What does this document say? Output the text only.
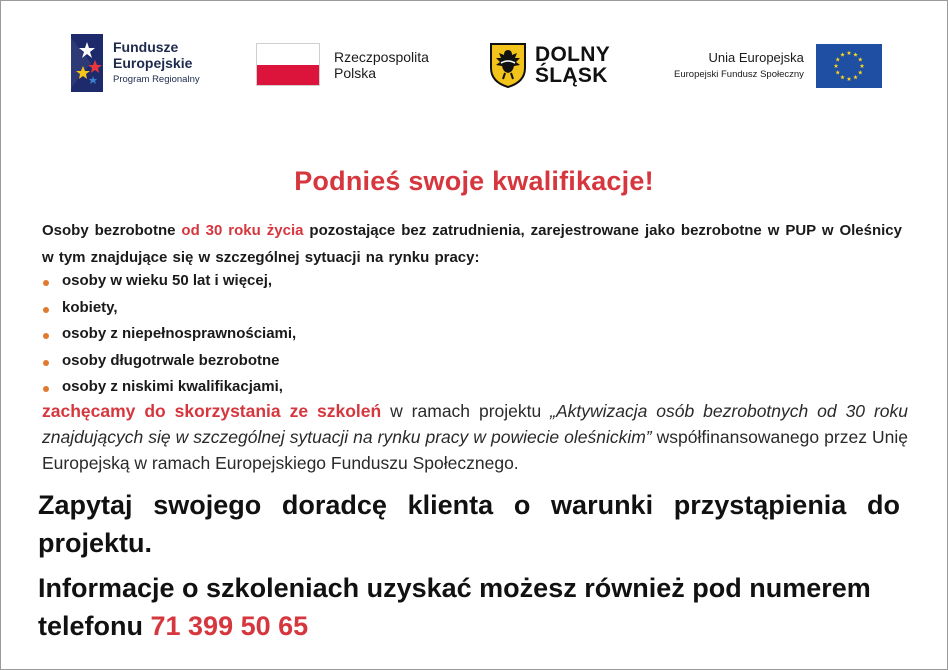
Fundusze
Europejskie
Program Regionalny
Rzeczpospolita
Polska
DOLNY
ŚLĄSK
Unia Europejska
Europejski Fundusz Społeczny
Podnieś swoje kwalifikacje!
Osoby bezrobotne od 30 roku życia pozostające bez zatrudnienia, zarejestrowane jako bezrobotne w PUP w Oleśnicy w tym znajdujące się w szczególnej sytuacji na rynku pracy:
osoby w wieku 50 lat i więcej,
kobiety,
osoby z niepełnosprawnościami,
osoby długotrwale bezrobotne
osoby z niskimi kwalifikacjami,
zachęcamy do skorzystania ze szkoleń w ramach projektu „Aktywizacja osób bezrobotnych od 30 roku znajdujących się w szczególnej sytuacji na rynku pracy w powiecie oleśnickim” współfinansowanego przez Unię Europejską w ramach Europejskiego Funduszu Społecznego.
Zapytaj swojego doradcę klienta o warunki przystąpienia do projektu.
Informacje o szkoleniach uzyskać możesz również pod numerem telefonu 71 399 50 65
